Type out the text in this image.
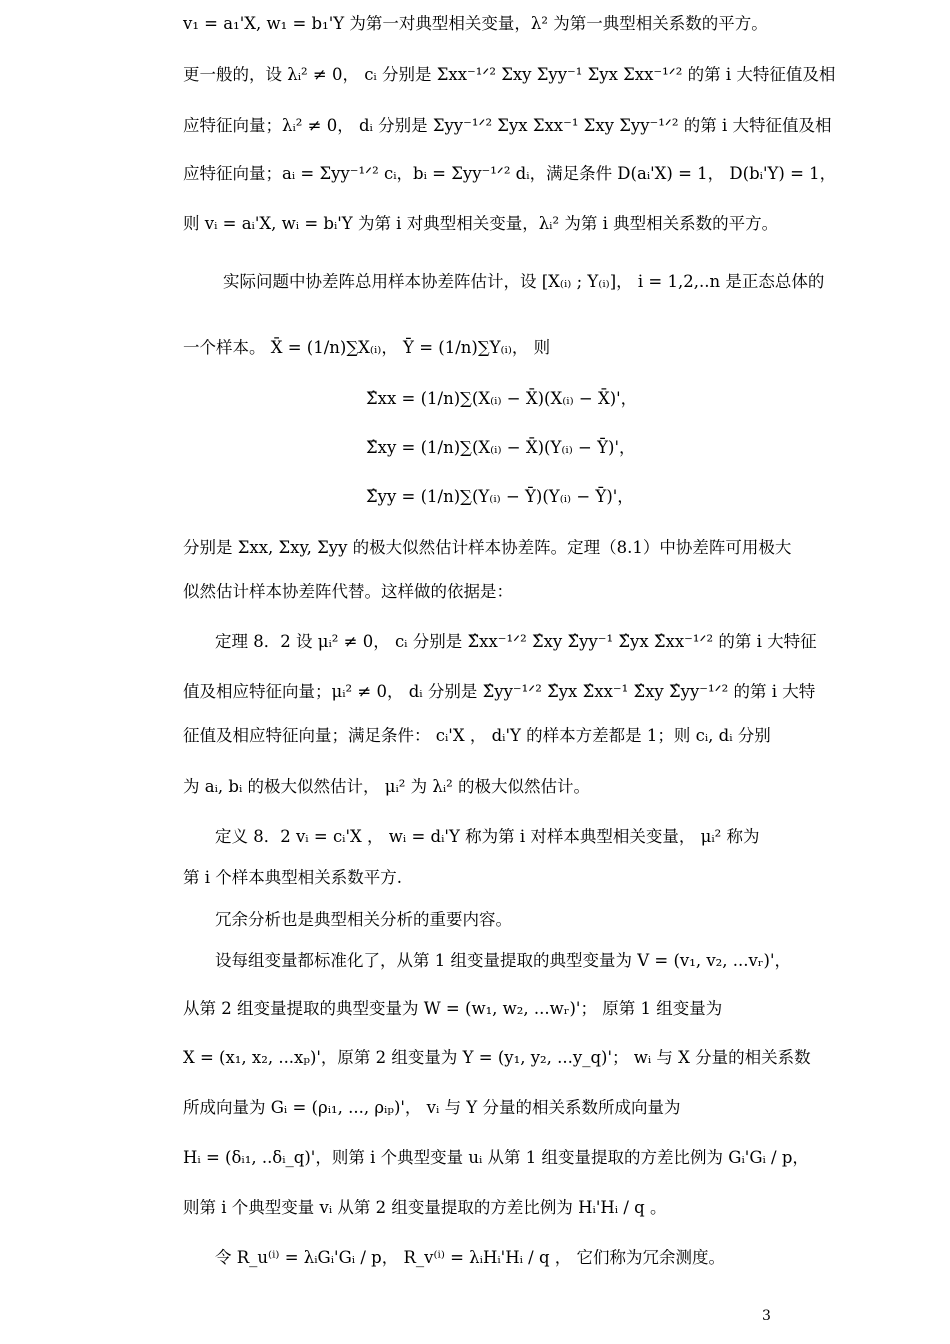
v₁ = a₁'X, w₁ = b₁'Y 为第一对典型相关变量，λ² 为第一典型相关系数的平方。
更一般的，设 λᵢ² ≠ 0， cᵢ 分别是 Σxx⁻¹ᐟ² Σxy Σyy⁻¹ Σyx Σxx⁻¹ᐟ² 的第 i 大特征值及相
应特征向量；λᵢ² ≠ 0， dᵢ 分别是 Σyy⁻¹ᐟ² Σyx Σxx⁻¹ Σxy Σyy⁻¹ᐟ² 的第 i 大特征值及相
应特征向量；aᵢ = Σyy⁻¹ᐟ² cᵢ，bᵢ = Σyy⁻¹ᐟ² dᵢ，满足条件 D(aᵢ'X) = 1， D(bᵢ'Y) = 1，
则 vᵢ = aᵢ'X, wᵢ = bᵢ'Y 为第 i 对典型相关变量，λᵢ² 为第 i 典型相关系数的平方。
实际问题中协差阵总用样本协差阵估计，设 [X₍ᵢ₎ ; Y₍ᵢ₎]， i = 1,2,..n 是正态总体的
一个样本。 X̄ = (1/n)∑X₍ᵢ₎， Ȳ = (1/n)∑Y₍ᵢ₎， 则
Σ̂xx = (1/n)∑(X₍ᵢ₎ − X̄)(X₍ᵢ₎ − X̄)'，
Σ̂xy = (1/n)∑(X₍ᵢ₎ − X̄)(Y₍ᵢ₎ − Ȳ)'，
Σ̂yy = (1/n)∑(Y₍ᵢ₎ − Ȳ)(Y₍ᵢ₎ − Ȳ)'，
分别是 Σxx, Σxy, Σyy 的极大似然估计样本协差阵。定理（8.1）中协差阵可用极大
似然估计样本协差阵代替。这样做的依据是：
定理 8．2 设 μᵢ² ≠ 0， cᵢ 分别是 Σ̂xx⁻¹ᐟ² Σ̂xy Σ̂yy⁻¹ Σ̂yx Σ̂xx⁻¹ᐟ² 的第 i 大特征
值及相应特征向量；μᵢ² ≠ 0， dᵢ 分别是 Σ̂yy⁻¹ᐟ² Σ̂yx Σ̂xx⁻¹ Σ̂xy Σ̂yy⁻¹ᐟ² 的第 i 大特
征值及相应特征向量；满足条件： cᵢ'X ， dᵢ'Y 的样本方差都是 1；则 cᵢ, dᵢ 分别
为 aᵢ, bᵢ 的极大似然估计， μᵢ² 为 λᵢ² 的极大似然估计。
定义 8．2 vᵢ = cᵢ'X ， wᵢ = dᵢ'Y 称为第 i 对样本典型相关变量， μᵢ² 称为
第 i 个样本典型相关系数平方.
冗余分析也是典型相关分析的重要内容。
设每组变量都标准化了，从第 1 组变量提取的典型变量为 V = (v₁, v₂, ...vᵣ)'，
从第 2 组变量提取的典型变量为 W = (w₁, w₂, ...wᵣ)'； 原第 1 组变量为
X = (x₁, x₂, ...xₚ)'，原第 2 组变量为 Y = (y₁, y₂, ...y_q)'； wᵢ 与 X 分量的相关系数
所成向量为 Gᵢ = (ρᵢ₁, ..., ρᵢₚ)'， vᵢ 与 Y 分量的相关系数所成向量为
Hᵢ = (δᵢ₁, ..δᵢ_q)'，则第 i 个典型变量 uᵢ 从第 1 组变量提取的方差比例为 Gᵢ'Gᵢ / p，
则第 i 个典型变量 vᵢ 从第 2 组变量提取的方差比例为 Hᵢ'Hᵢ / q 。
令 R_u⁽ⁱ⁾ = λᵢGᵢ'Gᵢ / p， R_v⁽ⁱ⁾ = λᵢHᵢ'Hᵢ / q ， 它们称为冗余测度。
3
